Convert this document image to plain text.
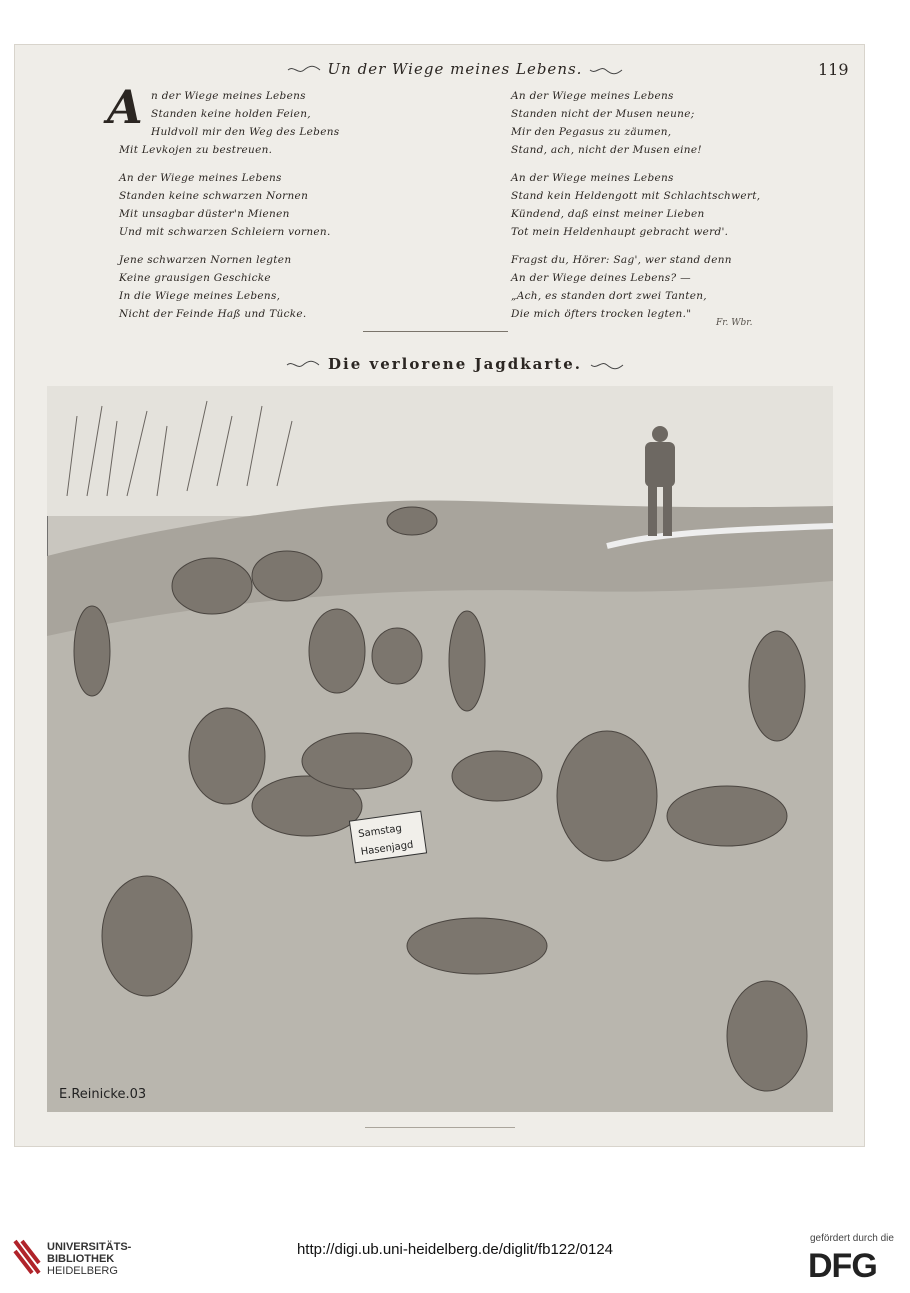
Un der Wiege meines Lebens.	119
A n der Wiege meines Lebens
Standen keine holden Feien,
Huldvoll mir den Weg des Lebens
Mit Levkojen zu bestreuen.
An der Wiege meines Lebens
Standen keine schwarzen Nornen
Mit unsagbar düster'n Mienen
Und mit schwarzen Schleiern vornen.
Jene schwarzen Nornen legten
Keine grausigen Geschicke
In die Wiege meines Lebens,
Nicht der Feinde Haß und Tücke.
An der Wiege meines Lebens
Standen nicht der Musen neune;
Mir den Pegasus zu zäumen,
Stand, ach, nicht der Musen eine!
An der Wiege meines Lebens
Stand kein Heldengott mit Schlachtschwert,
Kündend, daß einst meiner Lieben
Tot mein Heldenhaupt gebracht werd'.
Fragst du, Hörer: Sag', wer stand denn
An der Wiege deines Lebens? —
„Ach, es standen dort zwei Tanten,
Die mich öfters trocken legten."
Fr. Wbr.
Die verlorene Jagdkarte.
Samstag
Hasenjagd
E.Reinicke.03
UNIVERSITÄTS-
BIBLIOTHEK
HEIDELBERG
http://digi.ub.uni-heidelberg.de/diglit/fb122/0124
gefördert durch die
DFG
